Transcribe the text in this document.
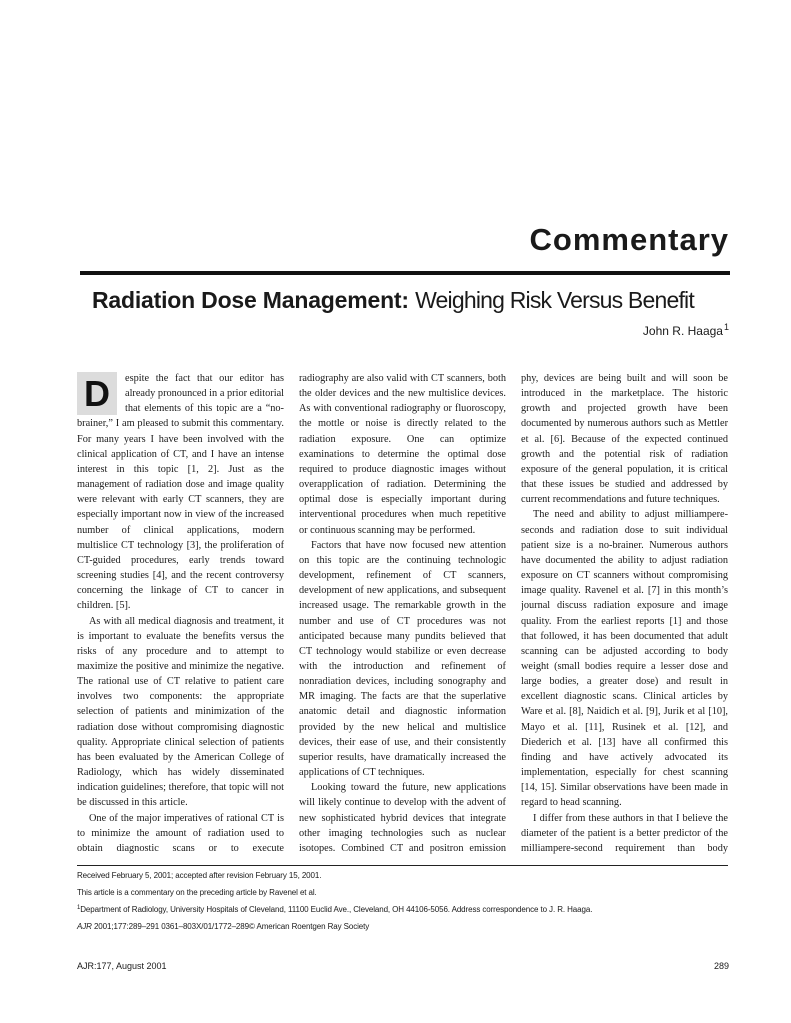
Commentary
Radiation Dose Management: Weighing Risk Versus Benefit
John R. Haaga$^1$

D	espite the fact that our editor has already pronounced in a prior editorial that elements of this topic are a “no-brainer,” I am pleased to submit this commentary. For many years I have been involved with the clinical application of CT, and I have an intense interest in this topic [1, 2]. Just as the management of radiation dose and image quality were relevant with early CT scanners, they are especially important now in view of the increased number of clinical applications, modern multislice CT technology [3], the proliferation of CT-guided procedures, early trends toward screening studies [4], and the recent controversy concerning the linkage of CT to cancer in children. [5].

As with all medical diagnosis and treatment, it is important to evaluate the benefits versus the risks of any procedure and to attempt to maximize the positive and minimize the negative. The rational use of CT relative to patient care involves two components: the appropriate selection of patients and minimization of the radiation dose without compromising diagnostic quality. Appropriate clinical selection of patients has been evaluated by the American College of Radiology, which has widely disseminated indication guidelines; therefore, that topic will not be discussed in this article.

One of the major imperatives of rational CT is to minimize the amount of radiation used to obtain diagnostic scans or to execute

radiography are also valid with CT scanners, both the older devices and the new multislice devices. As with conventional radiography or fluoroscopy, the mottle or noise is directly related to the radiation exposure. One can optimize examinations to determine the optimal dose required to produce diagnostic images without overapplication of radiation. Determining the optimal dose is especially important during interventional procedures when much repetitive or continuous scanning may be performed.

Factors that have now focused new attention on this topic are the continuing technologic development, refinement of CT scanners, development of new applications, and subsequent increased usage. The remarkable growth in the number and use of CT procedures was not anticipated because many pundits believed that CT technology would stabilize or even decrease with the introduction and refinement of nonradiation devices, including sonography and MR imaging. The facts are that the superlative anatomic detail and diagnostic information provided by the new helical and multislice devices, their ease of use, and their consistently superior results, have dramatically increased the applications of CT techniques.

Looking toward the future, new applications will likely continue to develop with the advent of new sophisticated hybrid devices that integrate other imaging technologies such as nuclear isotopes. Combined CT and positron emission

phy, devices are being built and will soon be introduced in the marketplace. The historic growth and projected growth have been documented by numerous authors such as Mettler et al. [6]. Because of the expected continued growth and the potential risk of radiation exposure of the general population, it is critical that these issues be studied and addressed by current recommendations and future techniques.

The need and ability to adjust milliampere-seconds and radiation dose to suit individual patient size is a no-brainer. Numerous authors have documented the ability to adjust radiation exposure on CT scanners without compromising image quality. Ravenel et al. [7] in this month’s journal discuss radiation exposure and image quality. From the earliest reports [1] and those that followed, it has been documented that adult scanning can be adjusted according to body weight (small bodies require a lesser dose and large bodies, a greater dose) and result in excellent diagnostic scans. Clinical articles by Ware et al. [8], Naidich et al. [9], Jurik et al [10], Mayo et al. [11], Rusinek et al. [12], and Diederich et al. [13] have all confirmed this finding and have actively advocated its implementation, especially for chest scanning [14, 15]. Similar observations have been made in regard to head scanning.

I differ from these authors in that I believe the diameter of the patient is a better predictor of the milliampere-second requirement than body

Received February 5, 2001; accepted after revision February 15, 2001.
This article is a commentary on the preceding article by Ravenel et al.
$^1$Department of Radiology, University Hospitals of Cleveland, 11100 Euclid Ave., Cleveland, OH 44106-5056. Address correspondence to J. R. Haaga.
AJR 2001;177:289–291 0361–803X/01/1772–289© American Roentgen Ray Society
AJR:177, August 2001	289
